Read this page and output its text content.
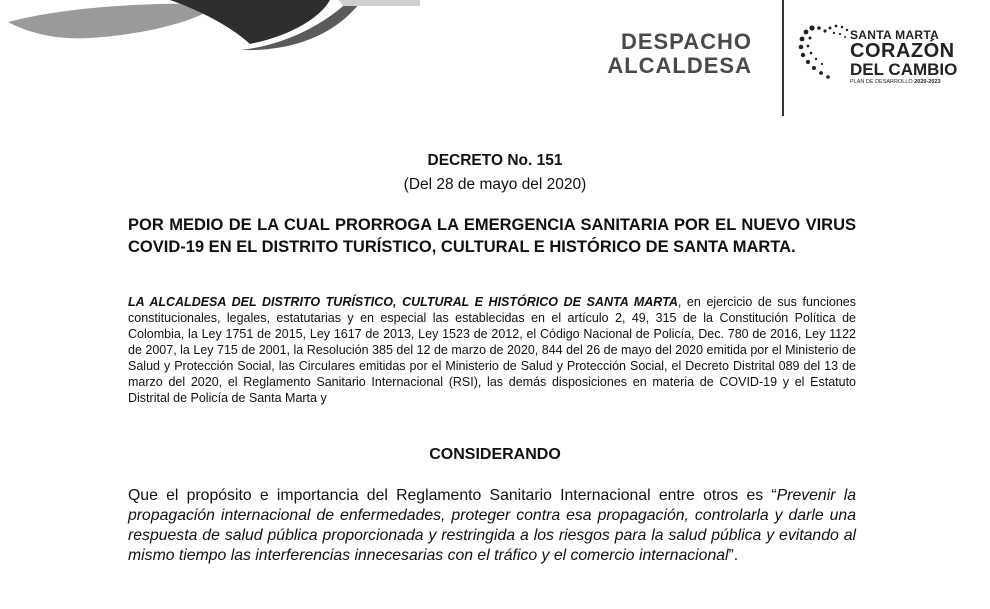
DESPACHO
ALCALDESA
SANTA MARTA
CORAZÓN
DEL CAMBIO
PLAN DE DESARROLLO 2020-2023
DECRETO No. 151
(Del 28 de mayo del 2020)
POR MEDIO DE LA CUAL PRORROGA LA EMERGENCIA SANITARIA POR EL NUEVO VIRUS COVID-19 EN EL DISTRITO TURÍSTICO, CULTURAL E HISTÓRICO DE SANTA MARTA.
LA ALCALDESA DEL DISTRITO TURÍSTICO, CULTURAL E HISTÓRICO DE SANTA MARTA, en ejercicio de sus funciones constitucionales, legales, estatutarias y en especial las establecidas en el artículo 2, 49, 315 de la Constitución Política de Colombia, la Ley 1751 de 2015, Ley 1617 de 2013, Ley 1523 de 2012, el Código Nacional de Policía, Dec. 780 de 2016, Ley 1122 de 2007, la Ley 715 de 2001, la Resolución 385 del 12 de marzo de 2020, 844 del 26 de mayo del 2020 emitida por el Ministerio de Salud y Protección Social, las Circulares emitidas por el Ministerio de Salud y Protección Social, el Decreto Distrital 089 del 13 de marzo del 2020, el Reglamento Sanitario Internacional (RSI), las demás disposiciones en materia de COVID-19 y el Estatuto Distrital de Policía de Santa Marta y
CONSIDERANDO
Que el propósito e importancia del Reglamento Sanitario Internacional entre otros es “Prevenir la propagación internacional de enfermedades, proteger contra esa propagación, controlarla y darle una respuesta de salud pública proporcionada y restringida a los riesgos para la salud pública y evitando al mismo tiempo las interferencias innecesarias con el tráfico y el comercio internacional”.
